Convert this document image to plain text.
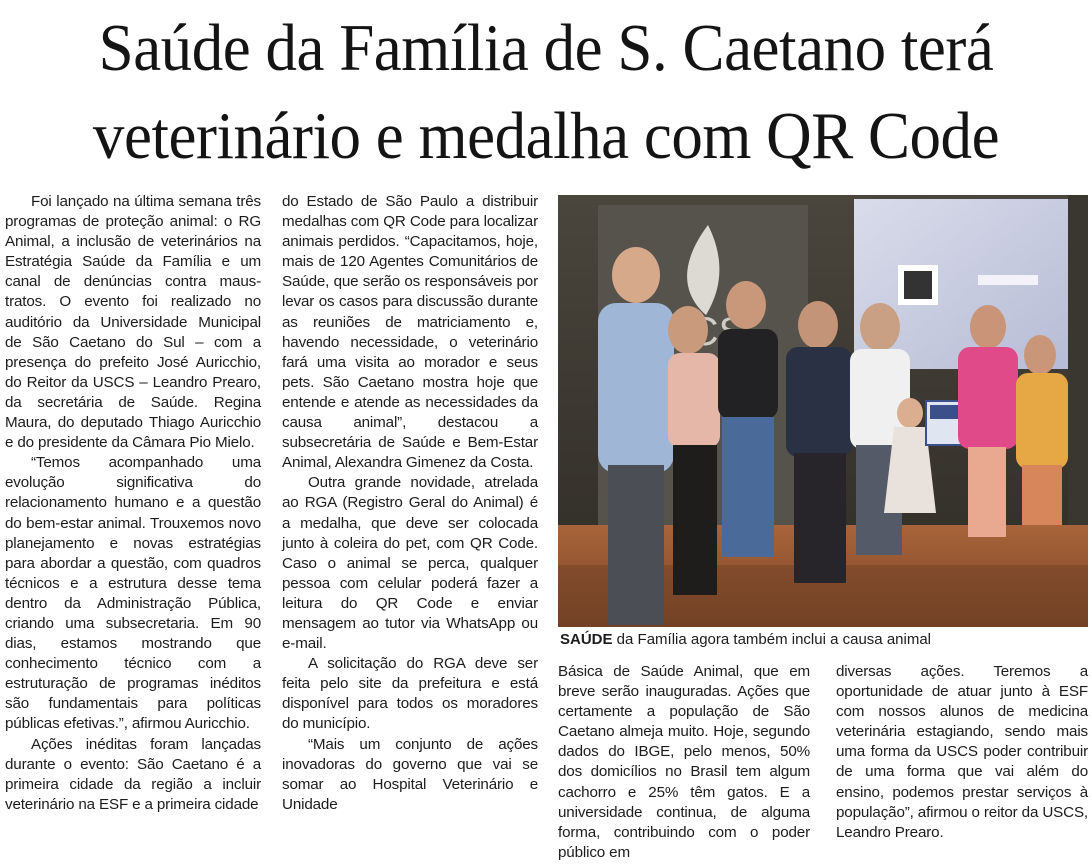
Saúde da Família de S. Caetano terá
veterinário e medalha com QR Code

Foi lançado na última semana três programas de proteção animal: o RG Animal, a inclusão de veterinários na Estratégia Saúde da Família e um canal de denúncias contra maus-tratos. O evento foi realizado no auditório da Universidade Municipal de São Caetano do Sul – com a presença do prefeito José Auricchio, do Reitor da USCS – Leandro Prearo, da secretária de Saúde. Regina Maura, do deputado Thiago Auricchio e do presidente da Câmara Pio Mielo.

“Temos acompanhado uma evolução significativa do relacionamento humano e a questão do bem-estar animal. Trouxemos novo planejamento e novas estratégias para abordar a questão, com quadros técnicos e a estrutura desse tema dentro da Administração Pública, criando uma subsecretaria. Em 90 dias, estamos mostrando que conhecimento técnico com a estruturação de programas inéditos são fundamentais para políticas públicas efetivas.”, afirmou Auricchio.

Ações inéditas foram lançadas durante o evento: São Caetano é a primeira cidade da região a incluir veterinário na ESF e a primeira cidade

do Estado de São Paulo a distribuir medalhas com QR Code para localizar animais perdidos. “Capacitamos, hoje, mais de 120 Agentes Comunitários de Saúde, que serão os responsáveis por levar os casos para discussão durante as reuniões de matriciamento e, havendo necessidade, o veterinário fará uma visita ao morador e seus pets. São Caetano mostra hoje que entende e atende as necessidades da causa animal”, destacou a subsecretária de Saúde e Bem-Estar Animal, Alexandra Gimenez da Costa.

Outra grande novidade, atrelada ao RGA (Registro Geral do Animal) é a medalha, que deve ser colocada junto à coleira do pet, com QR Code. Caso o animal se perca, qualquer pessoa com celular poderá fazer a leitura do QR Code e enviar mensagem ao tutor via WhatsApp ou e-mail.

A solicitação do RGA deve ser feita pelo site da prefeitura e está disponível para todos os moradores do município.

“Mais um conjunto de ações inovadoras do governo que vai se somar ao Hospital Veterinário e Unidade

SAÚDE da Família agora também inclui a causa animal

Básica de Saúde Animal, que em breve serão inauguradas. Ações que certamente a população de São Caetano almeja muito. Hoje, segundo dados do IBGE, pelo menos, 50% dos domicílios no Brasil tem algum cachorro e 25% têm gatos. E a universidade continua, de alguma forma, contribuindo com o poder público em

diversas ações. Teremos a oportunidade de atuar junto à ESF com nossos alunos de medicina veterinária estagiando, sendo mais uma forma da USCS poder contribuir de uma forma que vai além do ensino, podemos prestar serviços à população”, afirmou o reitor da USCS, Leandro Prearo.
